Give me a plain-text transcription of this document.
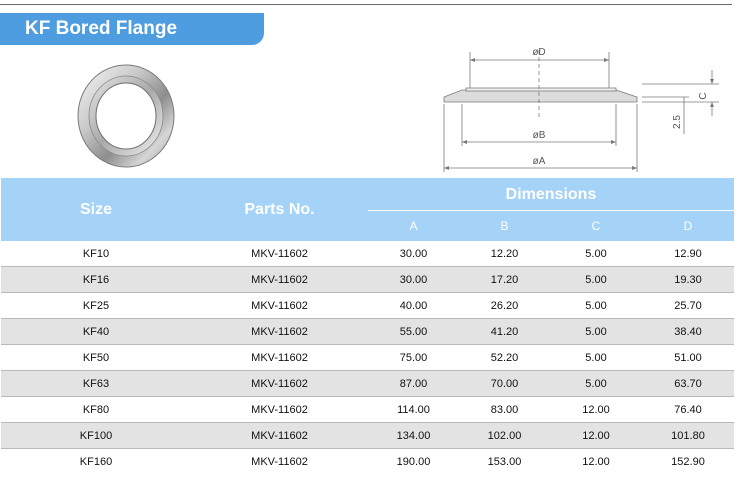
KF Bored Flange
øD
øB
øA
C
2.5
Size	Parts No.	Dimensions			
		A	B	C	D
KF10	MKV-11602	30.00	12.20	5.00	12.90
KF16	MKV-11602	30.00	17.20	5.00	19.30
KF25	MKV-11602	40.00	26.20	5.00	25.70
KF40	MKV-11602	55.00	41.20	5.00	38.40
KF50	MKV-11602	75.00	52.20	5.00	51.00
KF63	MKV-11602	87.00	70.00	5.00	63.70
KF80	MKV-11602	114.00	83.00	12.00	76.40
KF100	MKV-11602	134.00	102.00	12.00	101.80
KF160	MKV-11602	190.00	153.00	12.00	152.90
